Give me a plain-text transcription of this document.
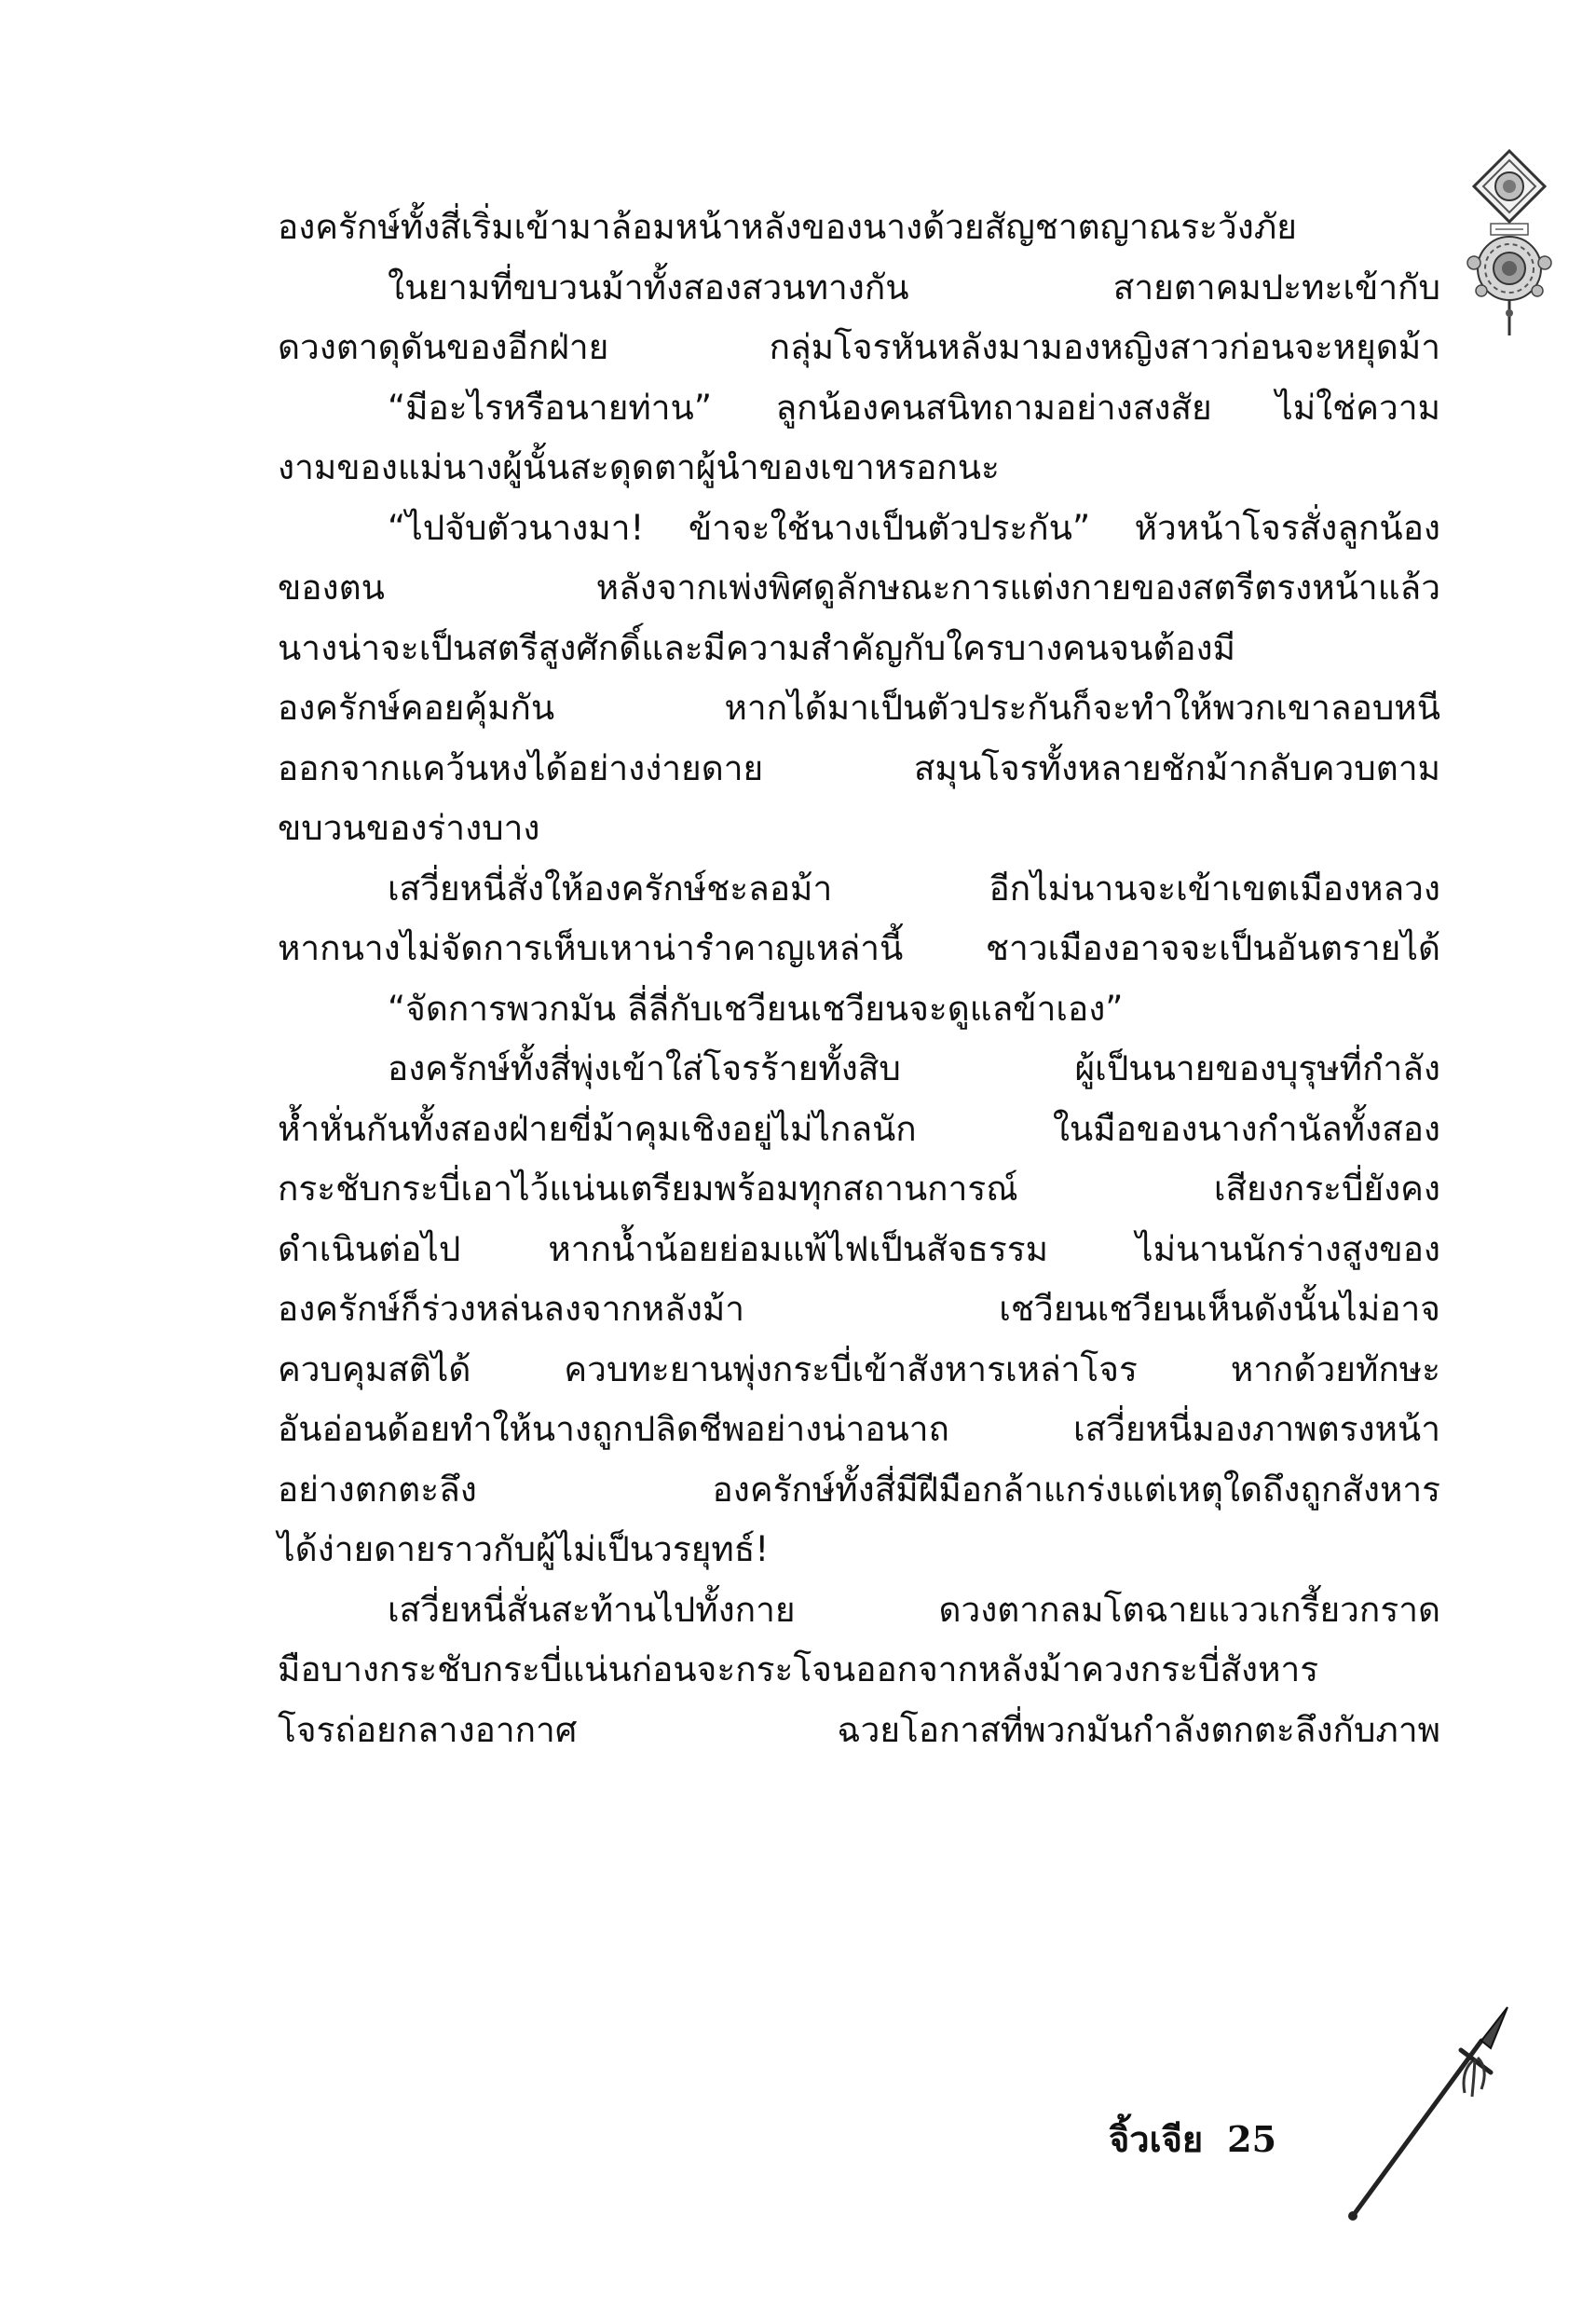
องครักษ์ทั้งสี่เริ่มเข้ามาล้อมหน้าหลังของนางด้วยสัญชาตญาณระวังภัย
ในยามที่ขบวนม้าทั้งสองสวนทางกัน สายตาคมปะทะเข้ากับ
ดวงตาดุดันของอีกฝ่าย กลุ่มโจรหันหลังมามองหญิงสาวก่อนจะหยุดม้า
“มีอะไรหรือนายท่าน” ลูกน้องคนสนิทถามอย่างสงสัย ไม่ใช่ความ
งามของแม่นางผู้นั้นสะดุดตาผู้นำของเขาหรอกนะ
“ไปจับตัวนางมา! ข้าจะใช้นางเป็นตัวประกัน” หัวหน้าโจรสั่งลูกน้อง
ของตน หลังจากเพ่งพิศดูลักษณะการแต่งกายของสตรีตรงหน้าแล้ว
นางน่าจะเป็นสตรีสูงศักดิ์และมีความสำคัญกับใครบางคนจนต้องมี
องครักษ์คอยคุ้มกัน หากได้มาเป็นตัวประกันก็จะทำให้พวกเขาลอบหนี
ออกจากแคว้นหงได้อย่างง่ายดาย สมุนโจรทั้งหลายชักม้ากลับควบตาม
ขบวนของร่างบาง
เสวี่ยหนี่สั่งให้องครักษ์ชะลอม้า อีกไม่นานจะเข้าเขตเมืองหลวง
หากนางไม่จัดการเห็บเหาน่ารำคาญเหล่านี้ ชาวเมืองอาจจะเป็นอันตรายได้
“จัดการพวกมัน ลี่ลี่กับเชวียนเชวียนจะดูแลข้าเอง”
องครักษ์ทั้งสี่พุ่งเข้าใส่โจรร้ายทั้งสิบ ผู้เป็นนายของบุรุษที่กำลัง
ห้ำหั่นกันทั้งสองฝ่ายขี่ม้าคุมเชิงอยู่ไม่ไกลนัก ในมือของนางกำนัลทั้งสอง
กระชับกระบี่เอาไว้แน่นเตรียมพร้อมทุกสถานการณ์ เสียงกระบี่ยังคง
ดำเนินต่อไป หากน้ำน้อยย่อมแพ้ไฟเป็นสัจธรรม ไม่นานนักร่างสูงของ
องครักษ์ก็ร่วงหล่นลงจากหลังม้า เชวียนเชวียนเห็นดังนั้นไม่อาจ
ควบคุมสติได้ ควบทะยานพุ่งกระบี่เข้าสังหารเหล่าโจร หากด้วยทักษะ
อันอ่อนด้อยทำให้นางถูกปลิดชีพอย่างน่าอนาถ เสวี่ยหนี่มองภาพตรงหน้า
อย่างตกตะลึง องครักษ์ทั้งสี่มีฝีมือกล้าแกร่งแต่เหตุใดถึงถูกสังหาร
ได้ง่ายดายราวกับผู้ไม่เป็นวรยุทธ์!
เสวี่ยหนี่สั่นสะท้านไปทั้งกาย ดวงตากลมโตฉายแววเกรี้ยวกราด
มือบางกระชับกระบี่แน่นก่อนจะกระโจนออกจากหลังม้าควงกระบี่สังหาร
โจรถ่อยกลางอากาศ ฉวยโอกาสที่พวกมันกำลังตกตะลึงกับภาพ
จิ้วเจีย 25
